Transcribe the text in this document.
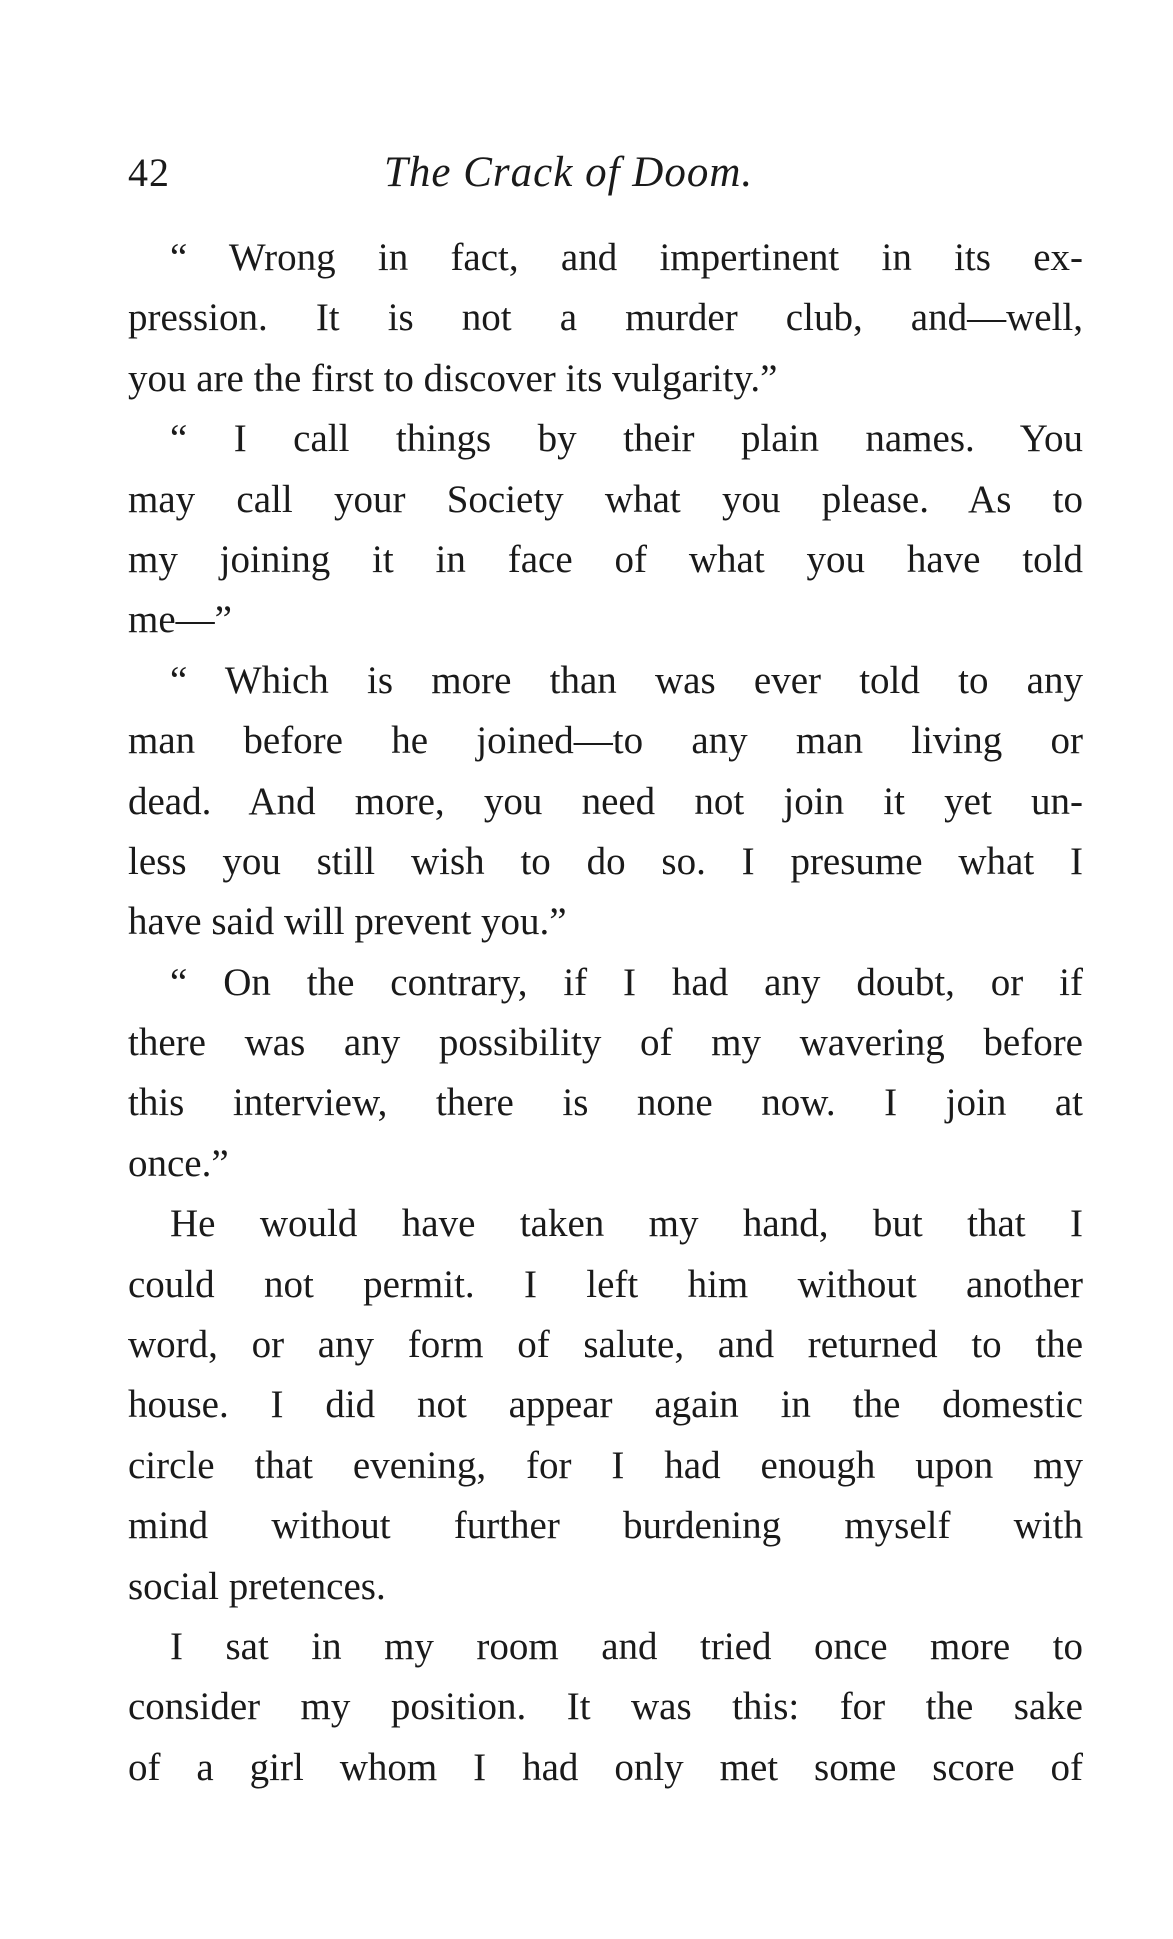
42	The Crack of Doom.
“ Wrong in fact, and impertinent in its ex-
pression. It is not a murder club, and—well,
you are the first to discover its vulgarity.”
“ I call things by their plain names. You
may call your Society what you please. As to
my joining it in face of what you have told
me—”
“ Which is more than was ever told to any
man before he joined—to any man living or
dead. And more, you need not join it yet un-
less you still wish to do so. I presume what I
have said will prevent you.”
“ On the contrary, if I had any doubt, or if
there was any possibility of my wavering before
this interview, there is none now. I join at
once.”
He would have taken my hand, but that I
could not permit. I left him without another
word, or any form of salute, and returned to the
house. I did not appear again in the domestic
circle that evening, for I had enough upon my
mind without further burdening myself with
social pretences.
I sat in my room and tried once more to
consider my position. It was this: for the sake
of a girl whom I had only met some score of
